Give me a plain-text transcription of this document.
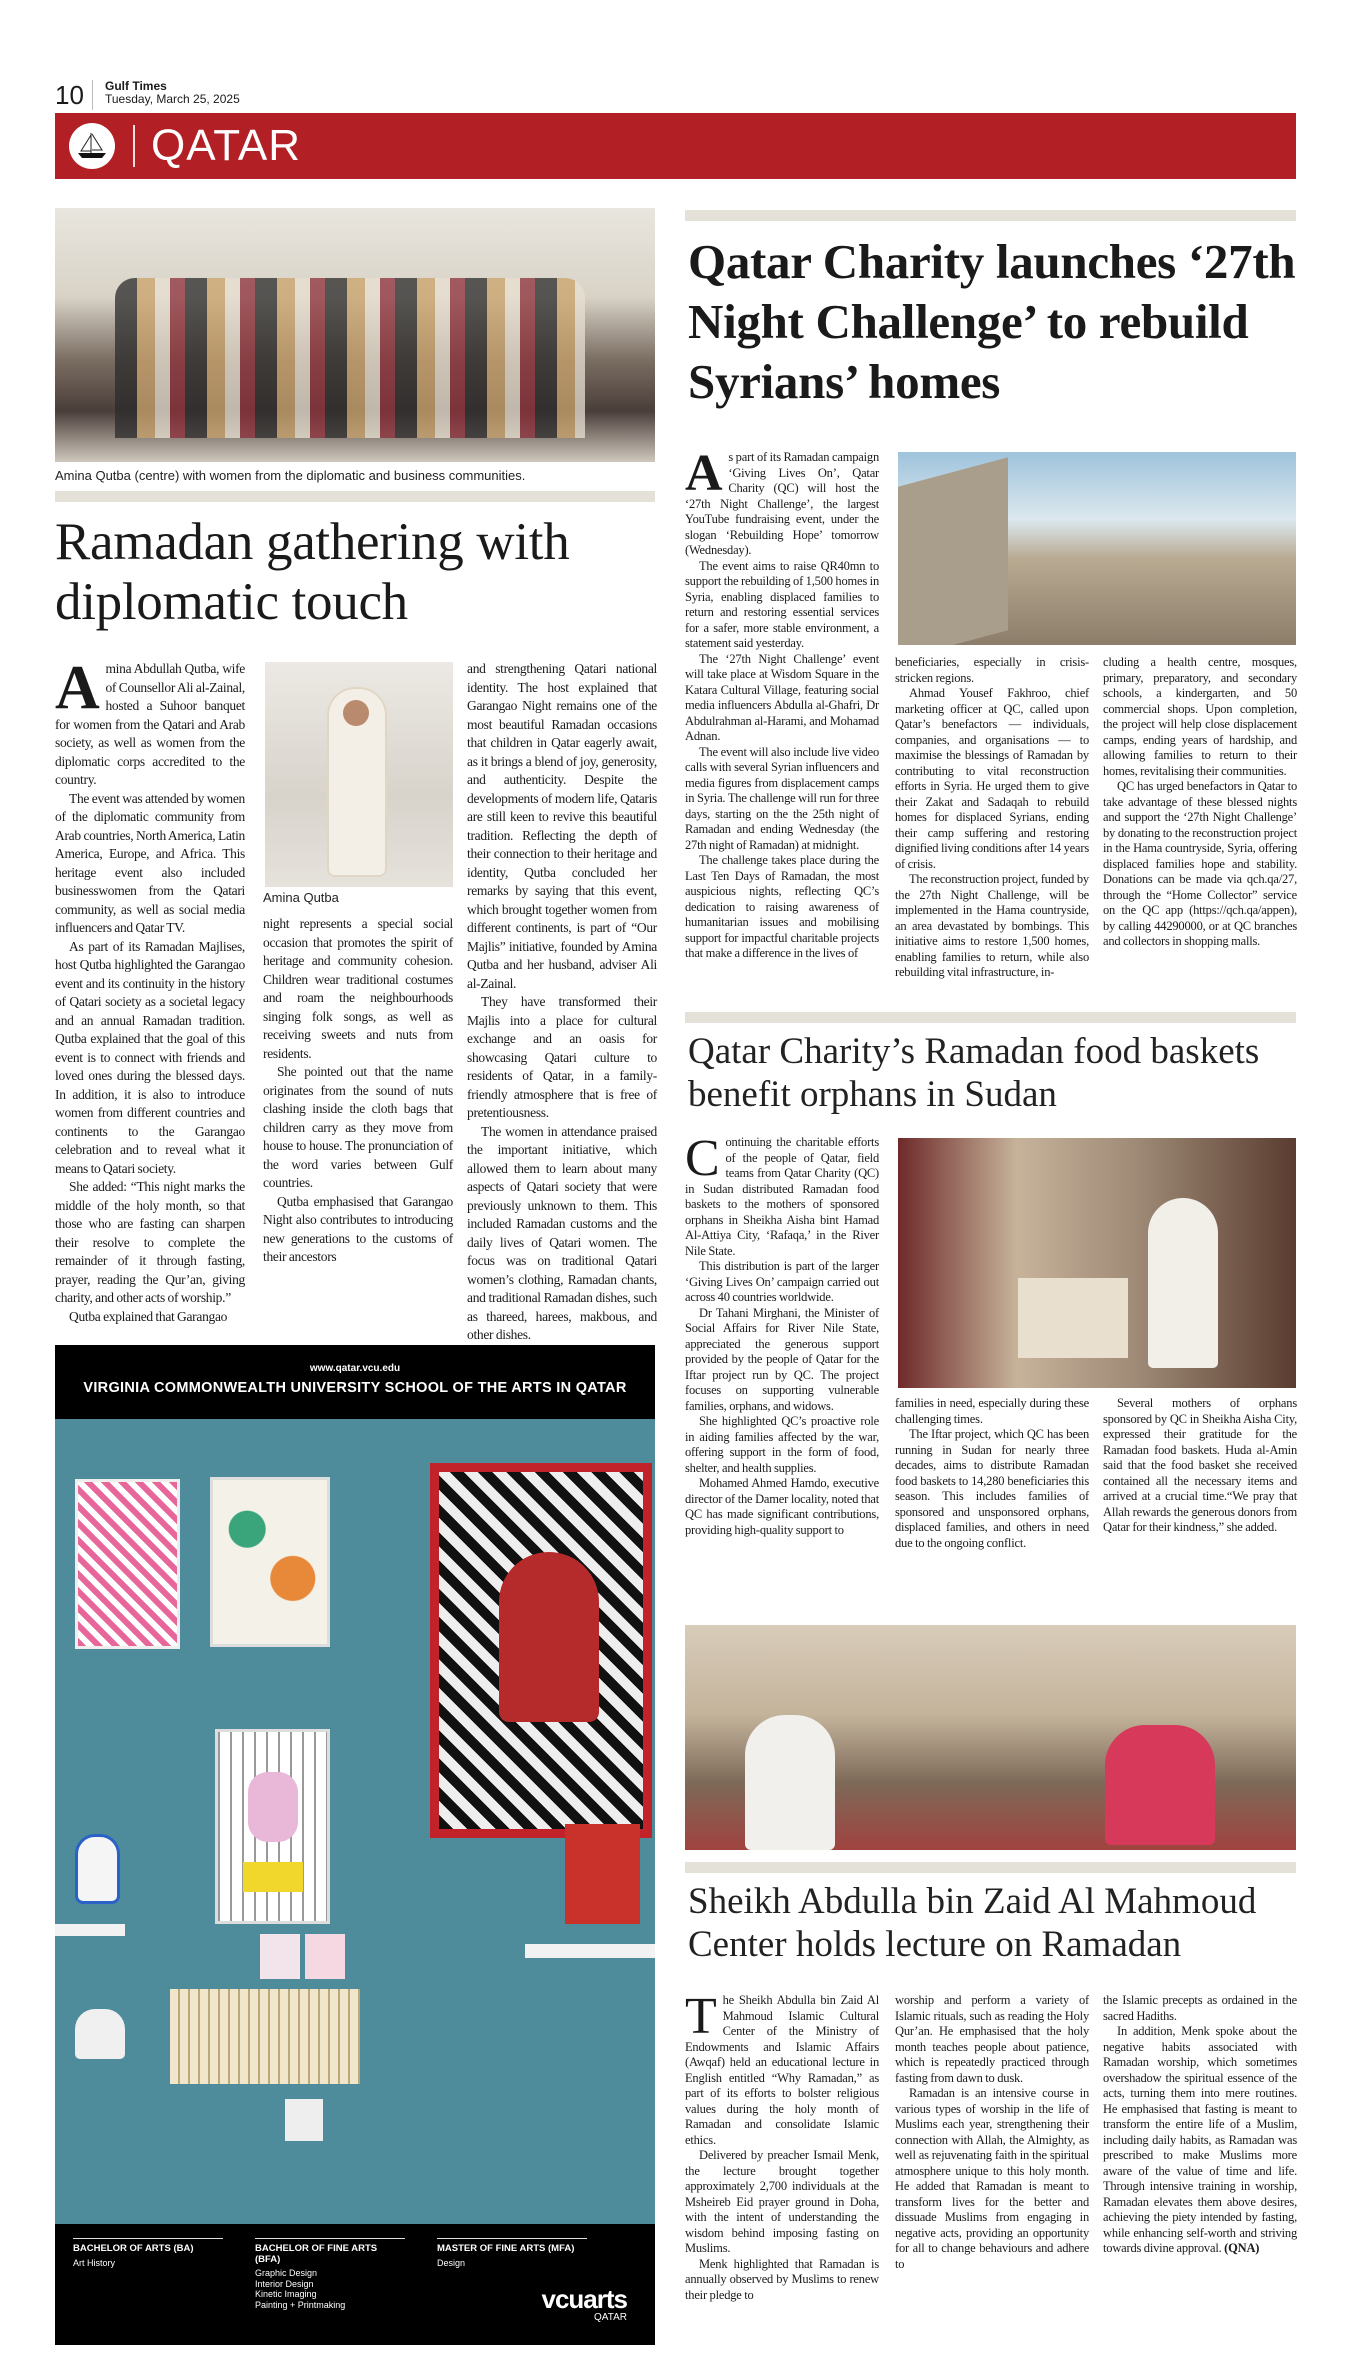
10 Gulf Times
Tuesday, March 25, 2025
QATAR
Amina Qutba (centre) with women from the diplomatic and business communities.
Ramadan gathering with diplomatic touch
A mina Abdullah Qutba, wife of Counsellor Ali al-Zainal, hosted a Suhoor banquet for women from the Qatari and Arab society, as well as women from the diplomatic corps accredited to the country.

The event was attended by women of the diplomatic community from Arab countries, North America, Latin America, Europe, and Africa. This heritage event also included businesswomen from the Qatari community, as well as social media influencers and Qatar TV.

As part of its Ramadan Majlises, host Qutba highlighted the Garangao event and its continuity in the history of Qatari society as a societal legacy and an annual Ramadan tradition. Qutba explained that the goal of this event is to connect with friends and loved ones during the blessed days. In addition, it is also to introduce women from different countries and continents to the Garangao celebration and to reveal what it means to Qatari society.

She added: “This night marks the middle of the holy month, so that those who are fasting can sharpen their resolve to complete the remainder of it through fasting, prayer, reading the Qur’an, giving charity, and other acts of worship.”

Qutba explained that Garangao

Amina Qutba

night represents a special social occasion that promotes the spirit of heritage and community cohesion. Children wear traditional costumes and roam the neighbourhoods singing folk songs, as well as receiving sweets and nuts from residents.

She pointed out that the name originates from the sound of nuts clashing inside the cloth bags that children carry as they move from house to house. The pronunciation of the word varies between Gulf countries.

Qutba emphasised that Garangao Night also contributes to introducing new generations to the customs of their ancestors

and strengthening Qatari national identity. The host explained that Garangao Night remains one of the most beautiful Ramadan occasions that children in Qatar eagerly await, as it brings a blend of joy, generosity, and authenticity. Despite the developments of modern life, Qataris are still keen to revive this beautiful tradition. Reflecting the depth of their connection to their heritage and identity, Qutba concluded her remarks by saying that this event, which brought together women from different continents, is part of “Our Majlis” initiative, founded by Amina Qutba and her husband, adviser Ali al-Zainal.

They have transformed their Majlis into a place for cultural exchange and an oasis for showcasing Qatari culture to residents of Qatar, in a family-friendly atmosphere that is free of pretentiousness.

The women in attendance praised the important initiative, which allowed them to learn about many aspects of Qatari society that were previously unknown to them. This included Ramadan customs and the daily lives of Qatari women. The focus was on traditional Qatari women’s clothing, Ramadan chants, and traditional Ramadan dishes, such as thareed, harees, makbous, and other dishes.

www.qatar.vcu.edu
VIRGINIA COMMONWEALTH UNIVERSITY SCHOOL OF THE ARTS IN QATAR
BACHELOR OF ARTS (BA)
Art History
BACHELOR OF FINE ARTS (BFA)
Graphic Design
Interior Design
Kinetic Imaging
Painting + Printmaking
MASTER OF FINE ARTS (MFA)
Design
vcuarts
QATAR
Qatar Charity launches ‘27th Night Challenge’ to rebuild Syrians’ homes
A s part of its Ramadan campaign ‘Giving Lives On’, Qatar Charity (QC) will host the ‘27th Night Challenge’, the largest YouTube fundraising event, under the slogan ‘Rebuilding Hope’ tomorrow (Wednesday).

The event aims to raise QR40mn to support the rebuilding of 1,500 homes in Syria, enabling displaced families to return and restoring essential services for a safer, more stable environment, a statement said yesterday.

The ‘27th Night Challenge’ event will take place at Wisdom Square in the Katara Cultural Village, featuring social media influencers Abdulla al-Ghafri, Dr Abdulrahman al-Harami, and Mohamad Adnan.

The event will also include live video calls with several Syrian influencers and media figures from displacement camps in Syria. The challenge will run for three days, starting on the the 25th night of Ramadan and ending Wednesday (the 27th night of Ramadan) at midnight.

The challenge takes place during the Last Ten Days of Ramadan, the most auspicious nights, reflecting QC’s dedication to raising awareness of humanitarian issues and mobilising support for impactful charitable projects that make a difference in the lives of

beneficiaries, especially in crisis-stricken regions.

Ahmad Yousef Fakhroo, chief marketing officer at QC, called upon Qatar’s benefactors — individuals, companies, and organisations — to maximise the blessings of Ramadan by contributing to vital reconstruction efforts in Syria. He urged them to give their Zakat and Sadaqah to rebuild homes for displaced Syrians, ending their camp suffering and restoring dignified living conditions after 14 years of crisis.

The reconstruction project, funded by the 27th Night Challenge, will be implemented in the Hama countryside, an area devastated by bombings. This initiative aims to restore 1,500 homes, enabling families to return, while also rebuilding vital infrastructure, in-

cluding a health centre, mosques, primary, preparatory, and secondary schools, a kindergarten, and 50 commercial shops. Upon completion, the project will help close displacement camps, ending years of hardship, and allowing families to return to their homes, revitalising their communities.

QC has urged benefactors in Qatar to take advantage of these blessed nights and support the ‘27th Night Challenge’ by donating to the reconstruction project in the Hama countryside, Syria, offering displaced families hope and stability. Donations can be made via qch.qa/27, through the “Home Collector” service on the QC app (https://qch.qa/appen), by calling 44290000, or at QC branches and collectors in shopping malls.

Qatar Charity’s Ramadan food baskets benefit orphans in Sudan
C ontinuing the charitable efforts of the people of Qatar, field teams from Qatar Charity (QC) in Sudan distributed Ramadan food baskets to the mothers of sponsored orphans in Sheikha Aisha bint Hamad Al-Attiya City, ‘Rafaqa,’ in the River Nile State.

This distribution is part of the larger ‘Giving Lives On’ campaign carried out across 40 countries worldwide.

Dr Tahani Mirghani, the Minister of Social Affairs for River Nile State, appreciated the generous support provided by the people of Qatar for the Iftar project run by QC. The project focuses on supporting vulnerable families, orphans, and widows.

She highlighted QC’s proactive role in aiding families affected by the war, offering support in the form of food, shelter, and health supplies.

Mohamed Ahmed Hamdo, executive director of the Damer locality, noted that QC has made significant contributions, providing high-quality support to

families in need, especially during these challenging times.

The Iftar project, which QC has been running in Sudan for nearly three decades, aims to distribute Ramadan food baskets to 14,280 beneficiaries this season. This includes families of sponsored and unsponsored orphans, displaced families, and others in need due to the ongoing conflict.

Several mothers of orphans sponsored by QC in Sheikha Aisha City, expressed their gratitude for the Ramadan food baskets. Huda al-Amin said that the food basket she received contained all the necessary items and arrived at a crucial time.“We pray that Allah rewards the generous donors from Qatar for their kindness,” she added.

Sheikh Abdulla bin Zaid Al Mahmoud Center holds lecture on Ramadan
T he Sheikh Abdulla bin Zaid Al Mahmoud Islamic Cultural Center of the Ministry of Endowments and Islamic Affairs (Awqaf) held an educational lecture in English entitled “Why Ramadan,” as part of its efforts to bolster religious values during the holy month of Ramadan and consolidate Islamic ethics.

Delivered by preacher Ismail Menk, the lecture brought together approximately 2,700 individuals at the Msheireb Eid prayer ground in Doha, with the intent of understanding the wisdom behind imposing fasting on Muslims.

Menk highlighted that Ramadan is annually observed by Muslims to renew their pledge to

worship and perform a variety of Islamic rituals, such as reading the Holy Qur’an. He emphasised that the holy month teaches people about patience, which is repeatedly practiced through fasting from dawn to dusk.

Ramadan is an intensive course in various types of worship in the life of Muslims each year, strengthening their connection with Allah, the Almighty, as well as rejuvenating faith in the spiritual atmosphere unique to this holy month. He added that Ramadan is meant to transform lives for the better and dissuade Muslims from engaging in negative acts, providing an opportunity for all to change behaviours and adhere to

the Islamic precepts as ordained in the sacred Hadiths.

In addition, Menk spoke about the negative habits associated with Ramadan worship, which sometimes overshadow the spiritual essence of the acts, turning them into mere routines. He emphasised that fasting is meant to transform the entire life of a Muslim, including daily habits, as Ramadan was prescribed to make Muslims more aware of the value of time and life. Through intensive training in worship, Ramadan elevates them above desires, achieving the piety intended by fasting, while enhancing self-worth and striving towards divine approval. (QNA)
